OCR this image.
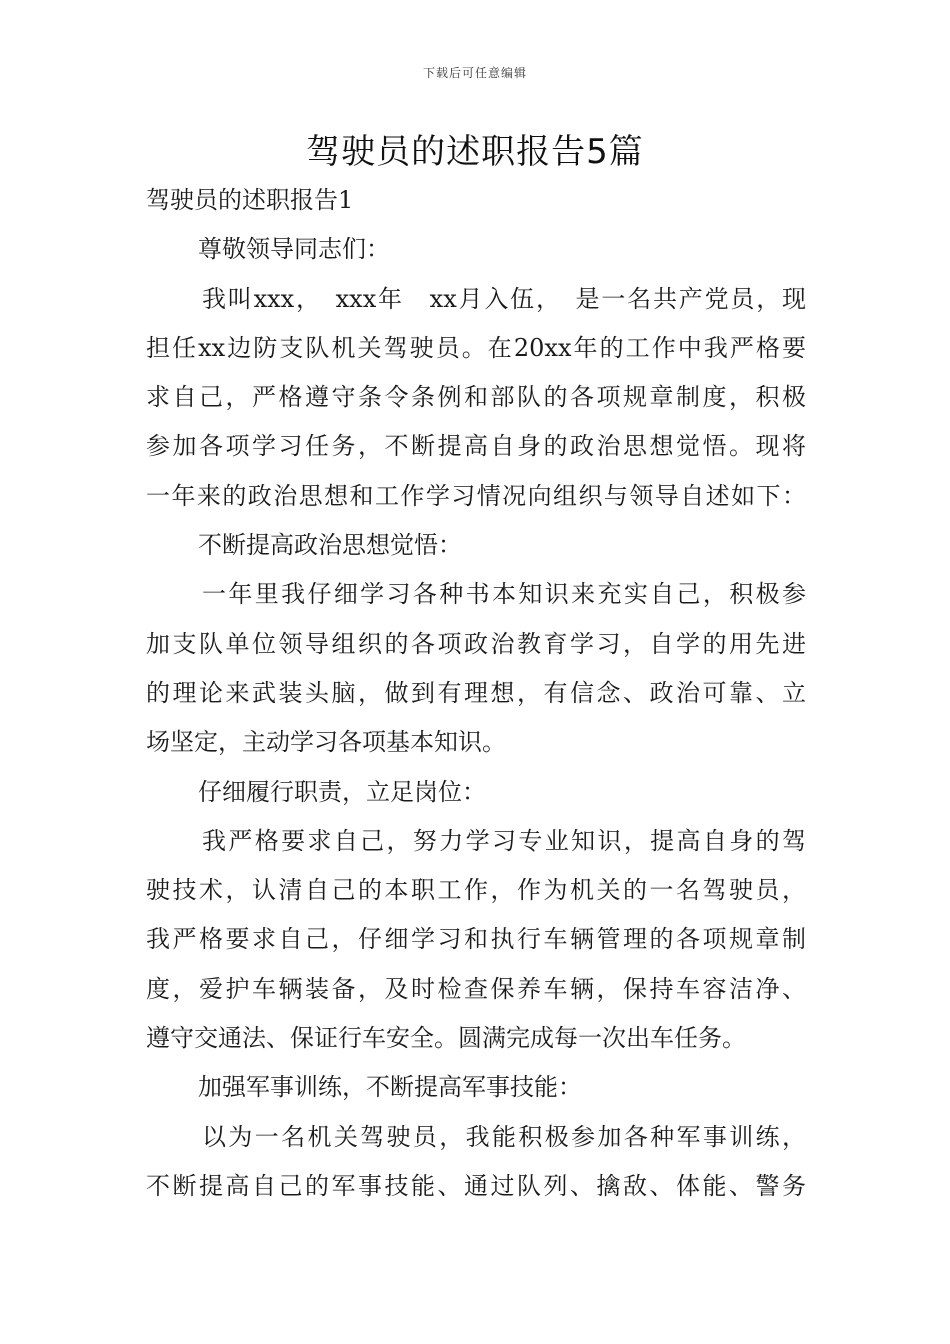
下载后可任意编辑
驾驶员的述职报告5篇
驾驶员的述职报告1
尊敬领导同志们：
我叫xxx，　xxx年　xx月入伍，　是一名共产党员，现
担任xx边防支队机关驾驶员。在20xx年的工作中我严格要
求自己，严格遵守条令条例和部队的各项规章制度，积极
参加各项学习任务，不断提高自身的政治思想觉悟。现将
一年来的政治思想和工作学习情况向组织与领导自述如下：
不断提高政治思想觉悟：
一年里我仔细学习各种书本知识来充实自己，积极参
加支队单位领导组织的各项政治教育学习，自学的用先进
的理论来武装头脑，做到有理想，有信念、政治可靠、立
场坚定，主动学习各项基本知识。
仔细履行职责，立足岗位：
我严格要求自己，努力学习专业知识，提高自身的驾
驶技术，认清自己的本职工作，作为机关的一名驾驶员，
我严格要求自己，仔细学习和执行车辆管理的各项规章制
度，爱护车辆装备，及时检查保养车辆，保持车容洁净、
遵守交通法、保证行车安全。圆满完成每一次出车任务。
加强军事训练，不断提高军事技能：
以为一名机关驾驶员，我能积极参加各种军事训练，
不断提高自己的军事技能、通过队列、擒敌、体能、警务
